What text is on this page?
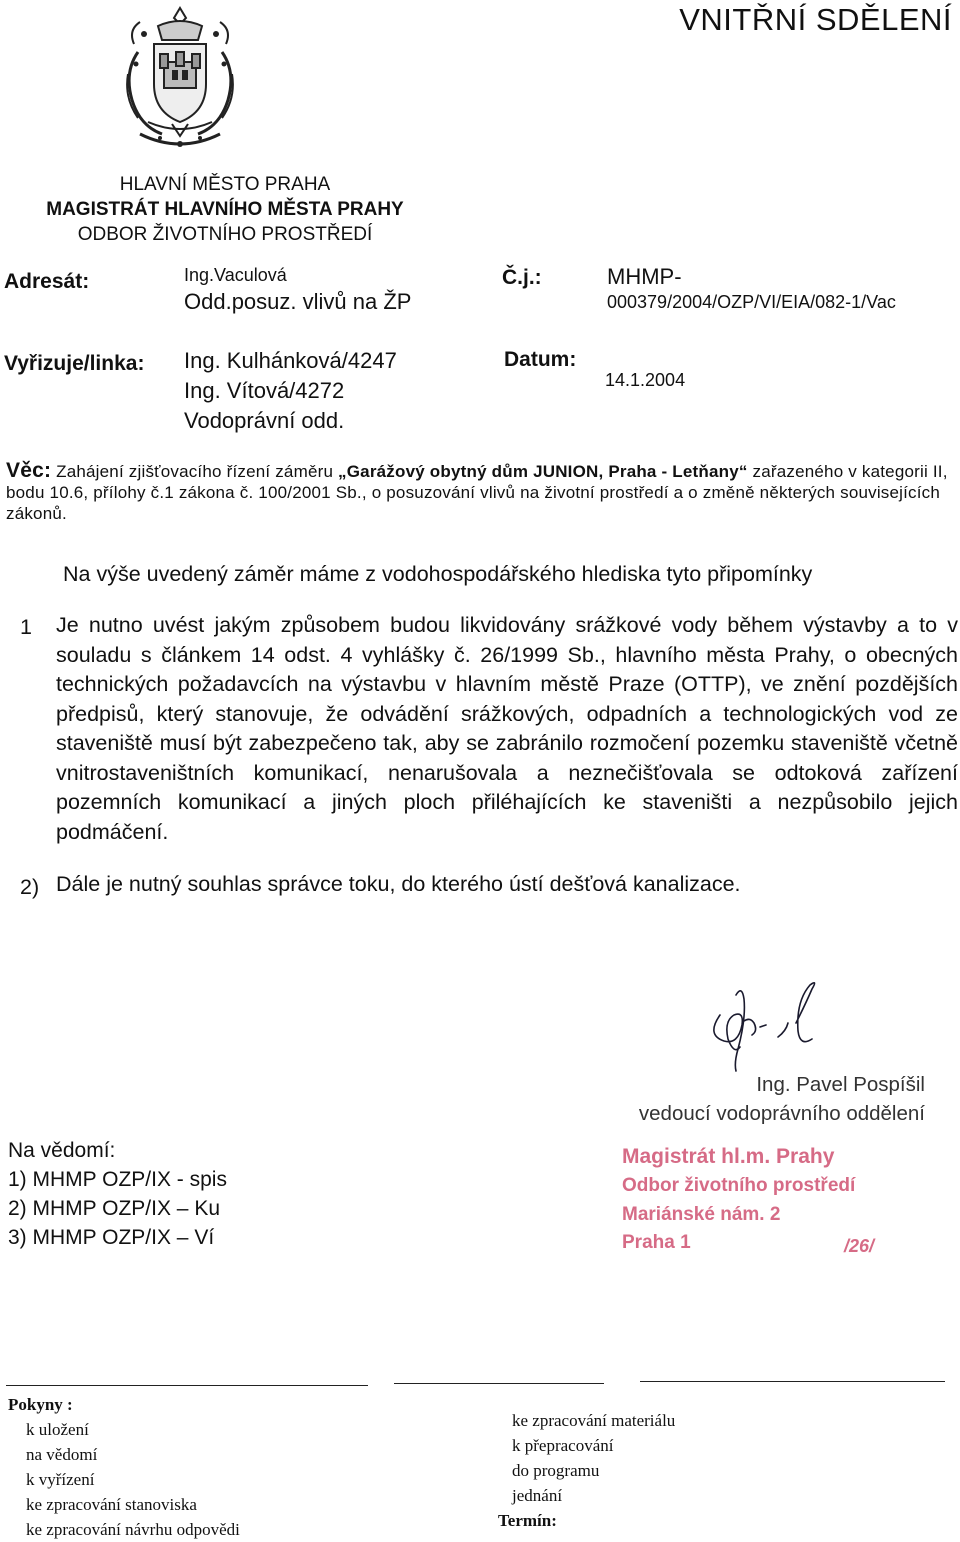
VNITŘNÍ SDĚLENÍ
HLAVNÍ MĚSTO PRAHA
MAGISTRÁT HLAVNÍHO MĚSTA PRAHY
ODBOR ŽIVOTNÍHO PROSTŘEDÍ
Adresát:	Ing.Vaculová
Odd.posuz. vlivů na ŽP
Č.j.:	MHMP-
000379/2004/OZP/VI/EIA/082-1/Vac
Vyřizuje/linka: Ing. Kulhánková/4247
Ing. Vítová/4272
Vodoprávní odd.
Datum:
14.1.2004
Věc: Zahájení zjišťovacího řízení záměru „Garážový obytný dům JUNION, Praha - Letňany“ zařazeného v kategorii II, bodu 10.6, přílohy č.1 zákona č. 100/2001 Sb., o posuzování vlivů na životní prostředí a o změně některých souvisejících zákonů.
Na výše uvedený záměr máme z vodohospodářského hlediska tyto připomínky
1 Je nutno uvést jakým způsobem budou likvidovány srážkové vody během výstavby a to v souladu s článkem 14 odst. 4 vyhlášky č. 26/1999 Sb., hlavního města Prahy, o obecných technických požadavcích na výstavbu v hlavním městě Praze (OTTP), ve znění pozdějších předpisů, který stanovuje, že odvádění srážkových, odpadních a technologických vod ze staveniště musí být zabezpečeno tak, aby se zabránilo rozmočení pozemku staveniště včetně vnitrostaveništních komunikací, nenarušovala a neznečišťovala se odtoková zařízení pozemních komunikací a jiných ploch přiléhajících ke staveništi a nezpůsobilo jejich podmáčení.
2) Dále je nutný souhlas správce toku, do kterého ústí dešťová kanalizace.
Ing. Pavel Pospíšil
vedoucí vodoprávního oddělení
Magistrát hl.m. Prahy
Odbor životního prostředí
Mariánské nám. 2
Praha 1	/26/
Na vědomí:
1) MHMP OZP/IX - spis
2) MHMP OZP/IX – Ku
3) MHMP OZP/IX – Ví
Pokyny :
k uložení
na vědomí
k vyřízení
ke zpracování stanoviska
ke zpracování návrhu odpovědi
ke zpracování materiálu
k přepracování
do programu
jednání
Termín:
